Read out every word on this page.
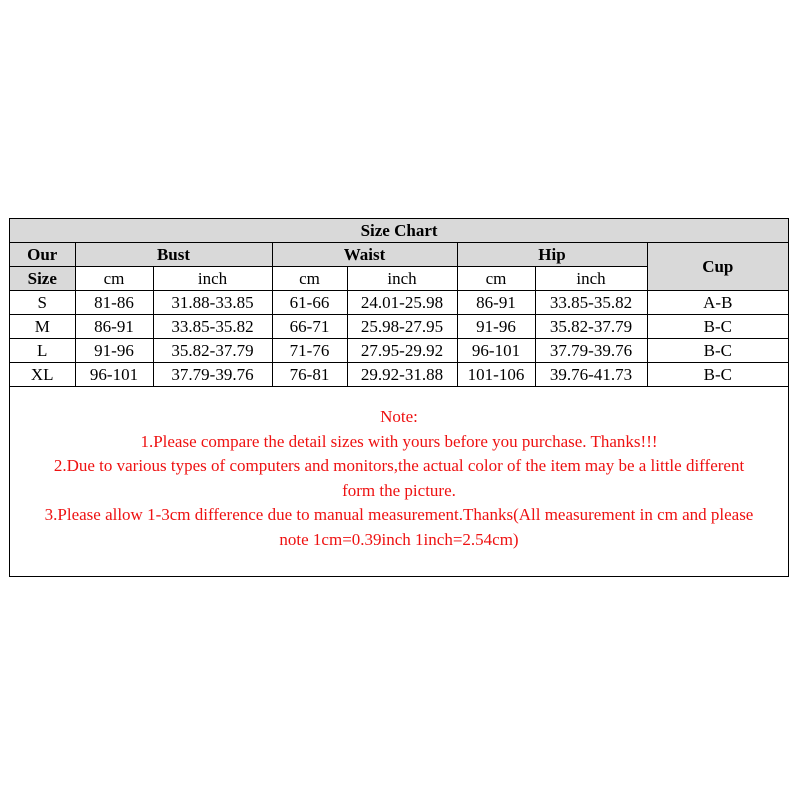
Size Chart							
Our	Bust		Waist		Hip		Cup
Size	cm	inch	cm	inch	cm	inch	
S	81-86	31.88-33.85	61-66	24.01-25.98	86-91	33.85-35.82	A-B
M	86-91	33.85-35.82	66-71	25.98-27.95	91-96	35.82-37.79	B-C
L	91-96	35.82-37.79	71-76	27.95-29.92	96-101	37.79-39.76	B-C
XL	96-101	37.79-39.76	76-81	29.92-31.88	101-106	39.76-41.73	B-C
Note:
1.Please compare the detail sizes with yours before you purchase. Thanks!!!
2.Due to various types of computers and monitors,the actual color of the item may be a little different
form the picture.
3.Please allow 1-3cm difference due to manual measurement.Thanks(All measurement in cm and please
note 1cm=0.39inch 1inch=2.54cm)
